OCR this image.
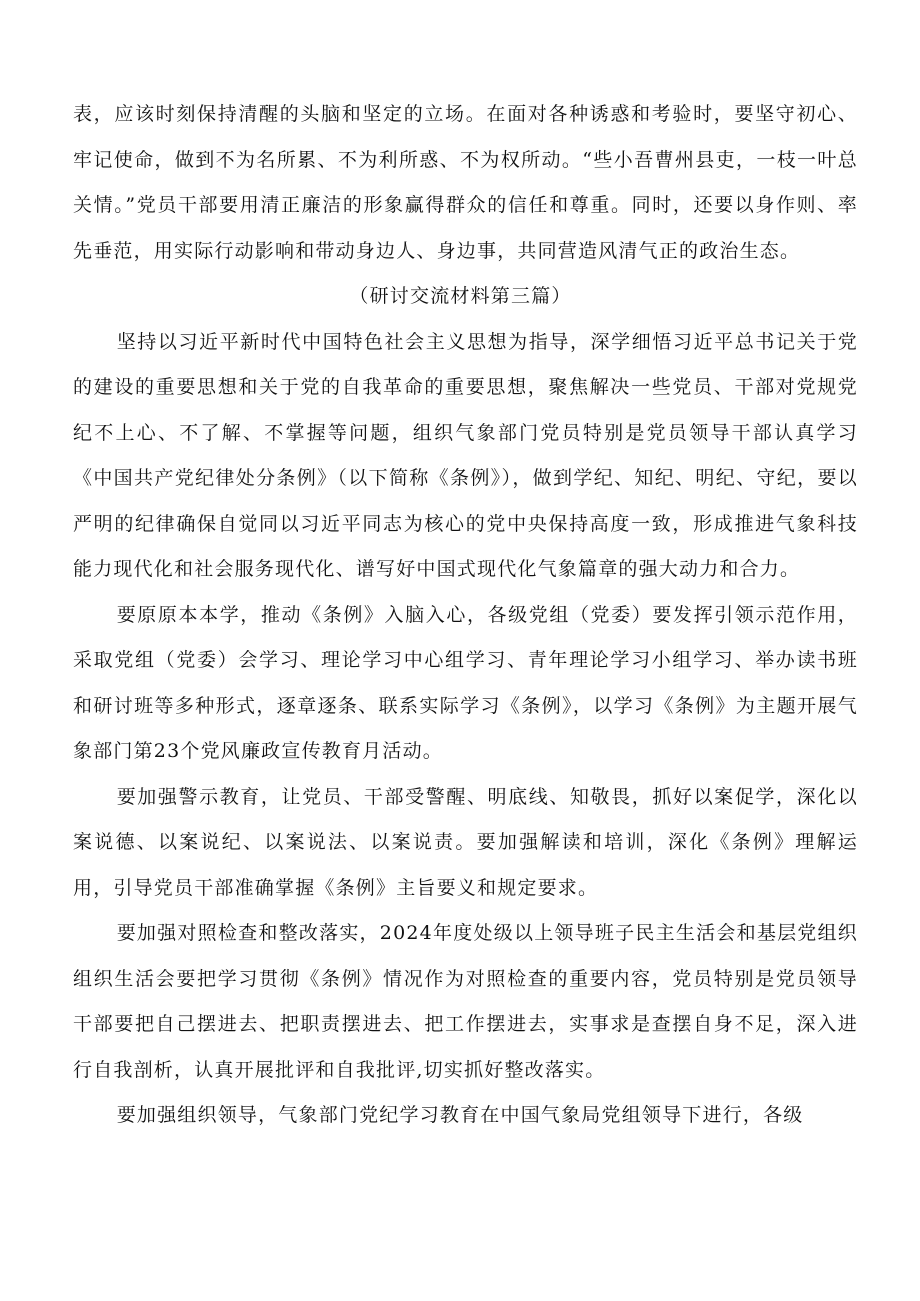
表，应该时刻保持清醒的头脑和坚定的立场。在面对各种诱惑和考验时，要坚守初心、牢记使命，做到不为名所累、不为利所惑、不为权所动。“些小吾曹州县吏，一枝一叶总关情。”党员干部要用清正廉洁的形象赢得群众的信任和尊重。同时，还要以身作则、率先垂范，用实际行动影响和带动身边人、身边事，共同营造风清气正的政治生态。

（研讨交流材料第三篇）

坚持以习近平新时代中国特色社会主义思想为指导，深学细悟习近平总书记关于党的建设的重要思想和关于党的自我革命的重要思想，聚焦解决一些党员、干部对党规党纪不上心、不了解、不掌握等问题，组织气象部门党员特别是党员领导干部认真学习《中国共产党纪律处分条例》（以下简称《条例》），做到学纪、知纪、明纪、守纪，要以严明的纪律确保自觉同以习近平同志为核心的党中央保持高度一致，形成推进气象科技能力现代化和社会服务现代化、谱写好中国式现代化气象篇章的强大动力和合力。

要原原本本学，推动《条例》入脑入心，各级党组（党委）要发挥引领示范作用，采取党组（党委）会学习、理论学习中心组学习、青年理论学习小组学习、举办读书班和研讨班等多种形式，逐章逐条、联系实际学习《条例》，以学习《条例》为主题开展气象部门第23个党风廉政宣传教育月活动。

要加强警示教育，让党员、干部受警醒、明底线、知敬畏，抓好以案促学，深化以案说德、以案说纪、以案说法、以案说责。要加强解读和培训，深化《条例》理解运用，引导党员干部准确掌握《条例》主旨要义和规定要求。

要加强对照检查和整改落实，2024年度处级以上领导班子民主生活会和基层党组织组织生活会要把学习贯彻《条例》情况作为对照检查的重要内容，党员特别是党员领导干部要把自己摆进去、把职责摆进去、把工作摆进去，实事求是查摆自身不足，深入进行自我剖析，认真开展批评和自我批评,切实抓好整改落实。

要加强组织领导，气象部门党纪学习教育在中国气象局党组领导下进行，各级
